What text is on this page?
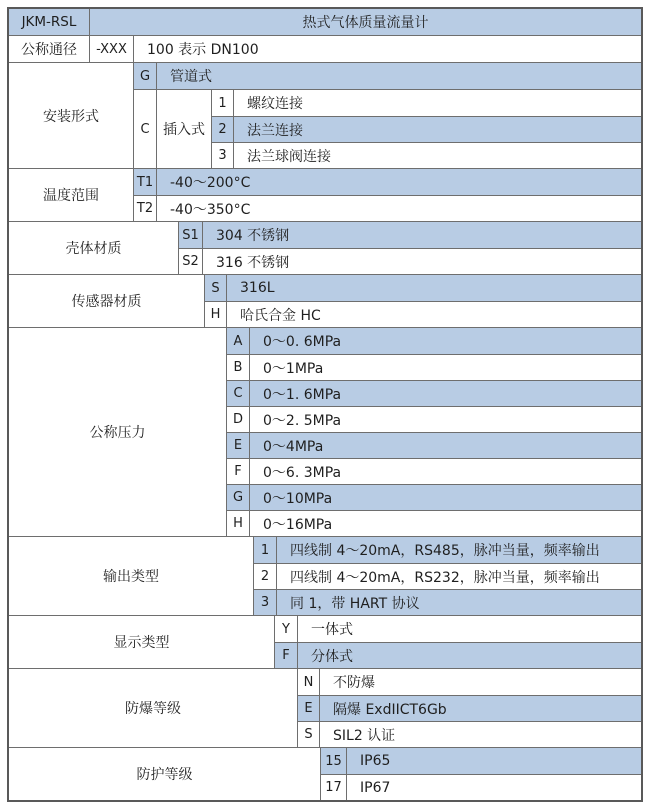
JKM-RSL	热式气体质量流量计
公称通径	-XXX	100 表示 DN100
安装形式
G	管道式
C 插入式
1	螺纹连接
2	法兰连接
3	法兰球阀连接
温度范围
T1	-40～200°C
T2	-40～350°C
壳体材质
S1	304 不锈钢
S2	316 不锈钢
传感器材质
S	316L
H	哈氏合金 HC
公称压力
A	0～0. 6MPa
B	0～1MPa
C	0～1. 6MPa
D	0～2. 5MPa
E	0～4MPa
F	0～6. 3MPa
G	0～10MPa
H	0～16MPa
输出类型
1	四线制 4～20mA，RS485，脉冲当量，频率输出
2	四线制 4～20mA，RS232，脉冲当量，频率输出
3	同 1，带 HART 协议
显示类型
Y	一体式
F	分体式
防爆等级
N	不防爆
E	隔爆 ExdIICT6Gb
S	SIL2 认证
防护等级
15	IP65
17	IP67
